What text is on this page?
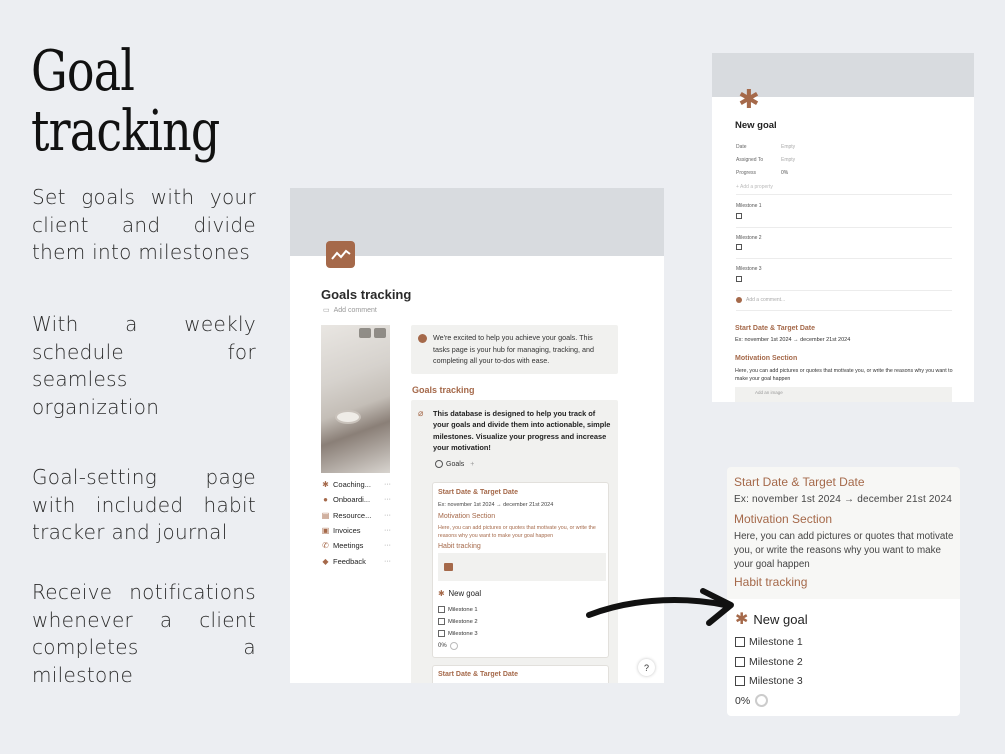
Goal
tracking

Set goals with your client and divide them into milestones

With a weekly schedule for seamless organization

Goal-setting page with included habit tracker and journal

Receive notifications whenever a client completes a milestone

Goals tracking
▭ Add comment
✱ Coaching... ···
● Onboardi... ···
▤ Resource... ···
▣ Invoices	···
✆ Meetings	···
◆ Feedback	···
We're excited to help you achieve your goals. This tasks page is your hub for managing, tracking, and completing all your to-dos with ease.
Goals tracking
⌀ This database is designed to help you track of your goals and divide them into actionable, simple milestones. Visualize your progress and increase your motivation!
Goals +
Start Date & Target Date
Ex: november 1st 2024 → december 21st 2024
Motivation Section
Here, you can add pictures or quotes that motivate you, or write the reasons why you want to make your goal happen
Habit tracking
✱ New goal
Milestone 1
Milestone 2
Milestone 3
0%
Start Date & Target Date
?
✱
New goal
Date	Empty
Assigned To	Empty
Progress	0%
+ Add a property
Milestone 1
Milestone 2
Milestone 3
Add a comment...
Start Date & Target Date
Ex: november 1st 2024 → december 21st 2024
Motivation Section
Here, you can add pictures or quotes that motivate you, or write the reasons why you want to make your goal happen
Add an image
Start Date & Target Date
Ex: november 1st 2024 → december 21st 2024
Motivation Section
Here, you can add pictures or quotes that motivate you, or write the reasons why you want to make your goal happen
Habit tracking
✱ New goal
Milestone 1
Milestone 2
Milestone 3
0%
